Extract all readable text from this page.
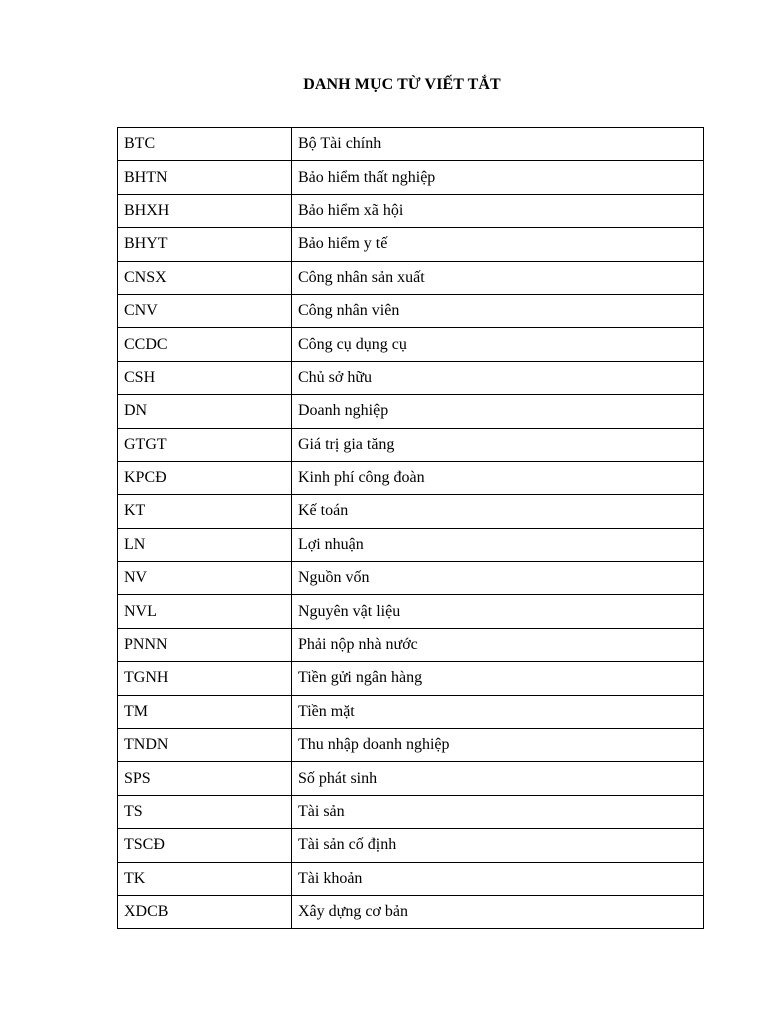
DANH MỤC TỪ VIẾT TẮT
BTC	Bộ Tài chính
BHTN	Bảo hiểm thất nghiệp
BHXH	Bảo hiểm xã hội
BHYT	Bảo hiểm y tế
CNSX	Công nhân sản xuất
CNV	Công nhân viên
CCDC	Công cụ dụng cụ
CSH	Chủ sở hữu
DN	Doanh nghiệp
GTGT	Giá trị gia tăng
KPCĐ	Kinh phí công đoàn
KT	Kế toán
LN	Lợi nhuận
NV	Nguồn vốn
NVL	Nguyên vật liệu
PNNN	Phải nộp nhà nước
TGNH	Tiền gửi ngân hàng
TM	Tiền mặt
TNDN	Thu nhập doanh nghiệp
SPS	Số phát sinh
TS	Tài sản
TSCĐ	Tài sản cố định
TK	Tài khoản
XDCB	Xây dựng cơ bản
